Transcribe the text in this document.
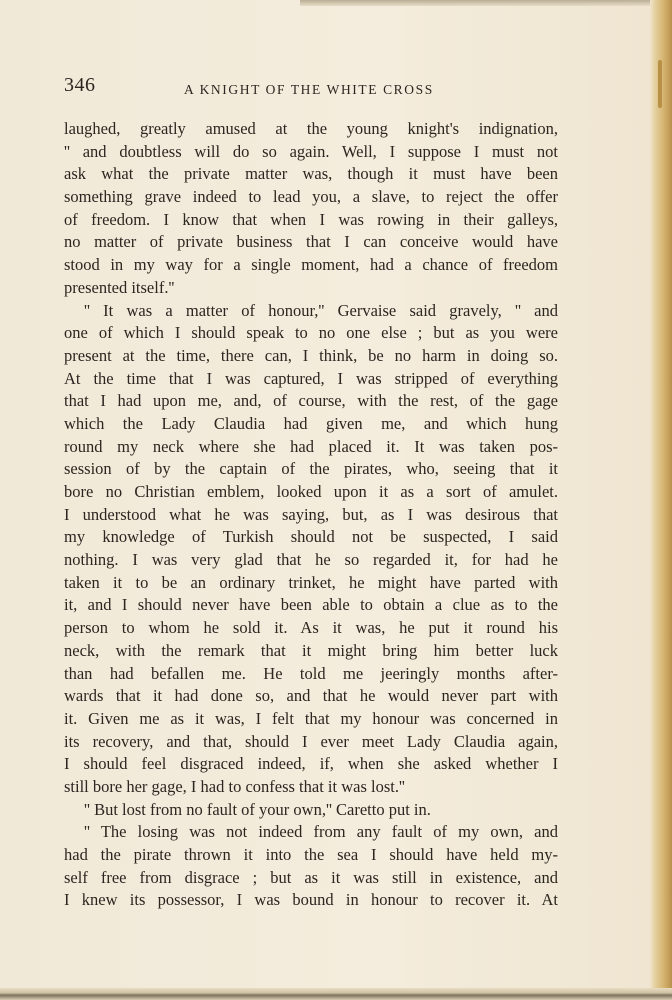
346	A KNIGHT OF THE WHITE CROSS
laughed, greatly amused at the young knight's indignation,
'' and doubtless will do so again. Well, I suppose I must not
ask what the private matter was, though it must have been
something grave indeed to lead you, a slave, to reject the offer
of freedom. I know that when I was rowing in their galleys,
no matter of private business that I can conceive would have
stood in my way for a single moment, had a chance of freedom
presented itself.''
'' It was a matter of honour,'' Gervaise said gravely, '' and
one of which I should speak to no one else ; but as you were
present at the time, there can, I think, be no harm in doing so.
At the time that I was captured, I was stripped of everything
that I had upon me, and, of course, with the rest, of the gage
which the Lady Claudia had given me, and which hung
round my neck where she had placed it. It was taken pos-
session of by the captain of the pirates, who, seeing that it
bore no Christian emblem, looked upon it as a sort of amulet.
I understood what he was saying, but, as I was desirous that
my knowledge of Turkish should not be suspected, I said
nothing. I was very glad that he so regarded it, for had he
taken it to be an ordinary trinket, he might have parted with
it, and I should never have been able to obtain a clue as to the
person to whom he sold it. As it was, he put it round his
neck, with the remark that it might bring him better luck
than had befallen me. He told me jeeringly months after-
wards that it had done so, and that he would never part with
it. Given me as it was, I felt that my honour was concerned in
its recovery, and that, should I ever meet Lady Claudia again,
I should feel disgraced indeed, if, when she asked whether I
still bore her gage, I had to confess that it was lost.''
'' But lost from no fault of your own,'' Caretto put in.
'' The losing was not indeed from any fault of my own, and
had the pirate thrown it into the sea I should have held my-
self free from disgrace ; but as it was still in existence, and
I knew its possessor, I was bound in honour to recover it. At
